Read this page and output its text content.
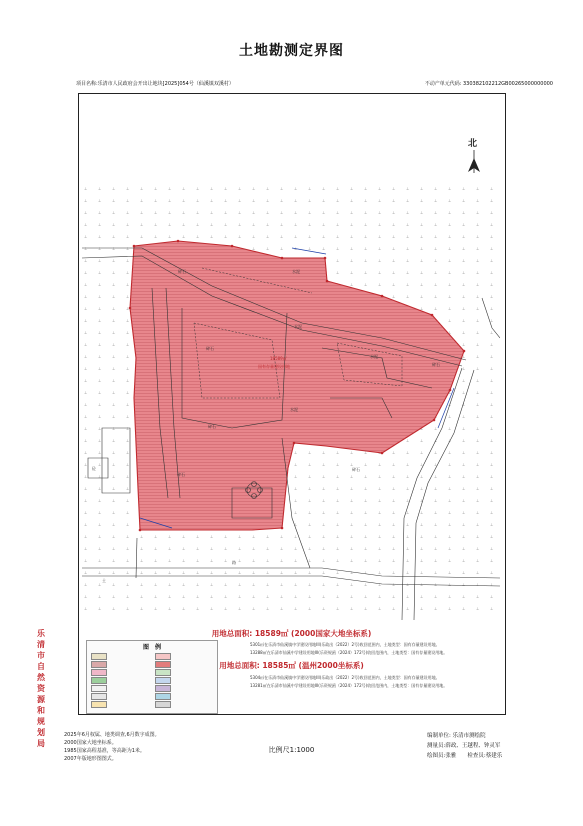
土地勘测定界图
项目名称:乐清市人民政府会开出让地块[2025]054号（仙溪镇双溪村）	不动产单元代码: 330382102212GB00265000000000
北
18589㎡
国有存量建设用地
水泥
水泥
水泥
水泥
碎石
碎石
碎石
碎石
碎石
碎石
路
砼
土
乐清市自然资源和规划局
图　例
用地总面积: 18589㎡ (2000国家大地坐标系)
5301㎡在乐清市仙溪镇中学建设用地III(乐政出（2022）2号)收回范围内，土地类型：国有存量建设用地。
13288㎡在乐清市仙溪中学建设用地III(乐资规函（2024）172号)收回范围内，土地类型：国有存量建设用地。
用地总面积: 18585㎡ (温州2000坐标系)
5304㎡在乐清市仙溪镇中学建设用地III(乐政出（2022）2号)收回范围内，土地类型：国有存量建设用地。
13281㎡在乐清市仙溪中学建设用地III(乐资规函（2024）172号)收回范围内，土地类型：国有存量建设用地。
2025年6月权属、地类调查,6月数字成图。
2000国家大地坐标系。
1985国家高程基准，等高距为1米。
2007年版地形图图式。
比例尺1:1000
编制单位: 乐清市测绘院
测量员:薛政、王越程、钟灵军
绘图员:张雅　　检查员:蔡建乐
